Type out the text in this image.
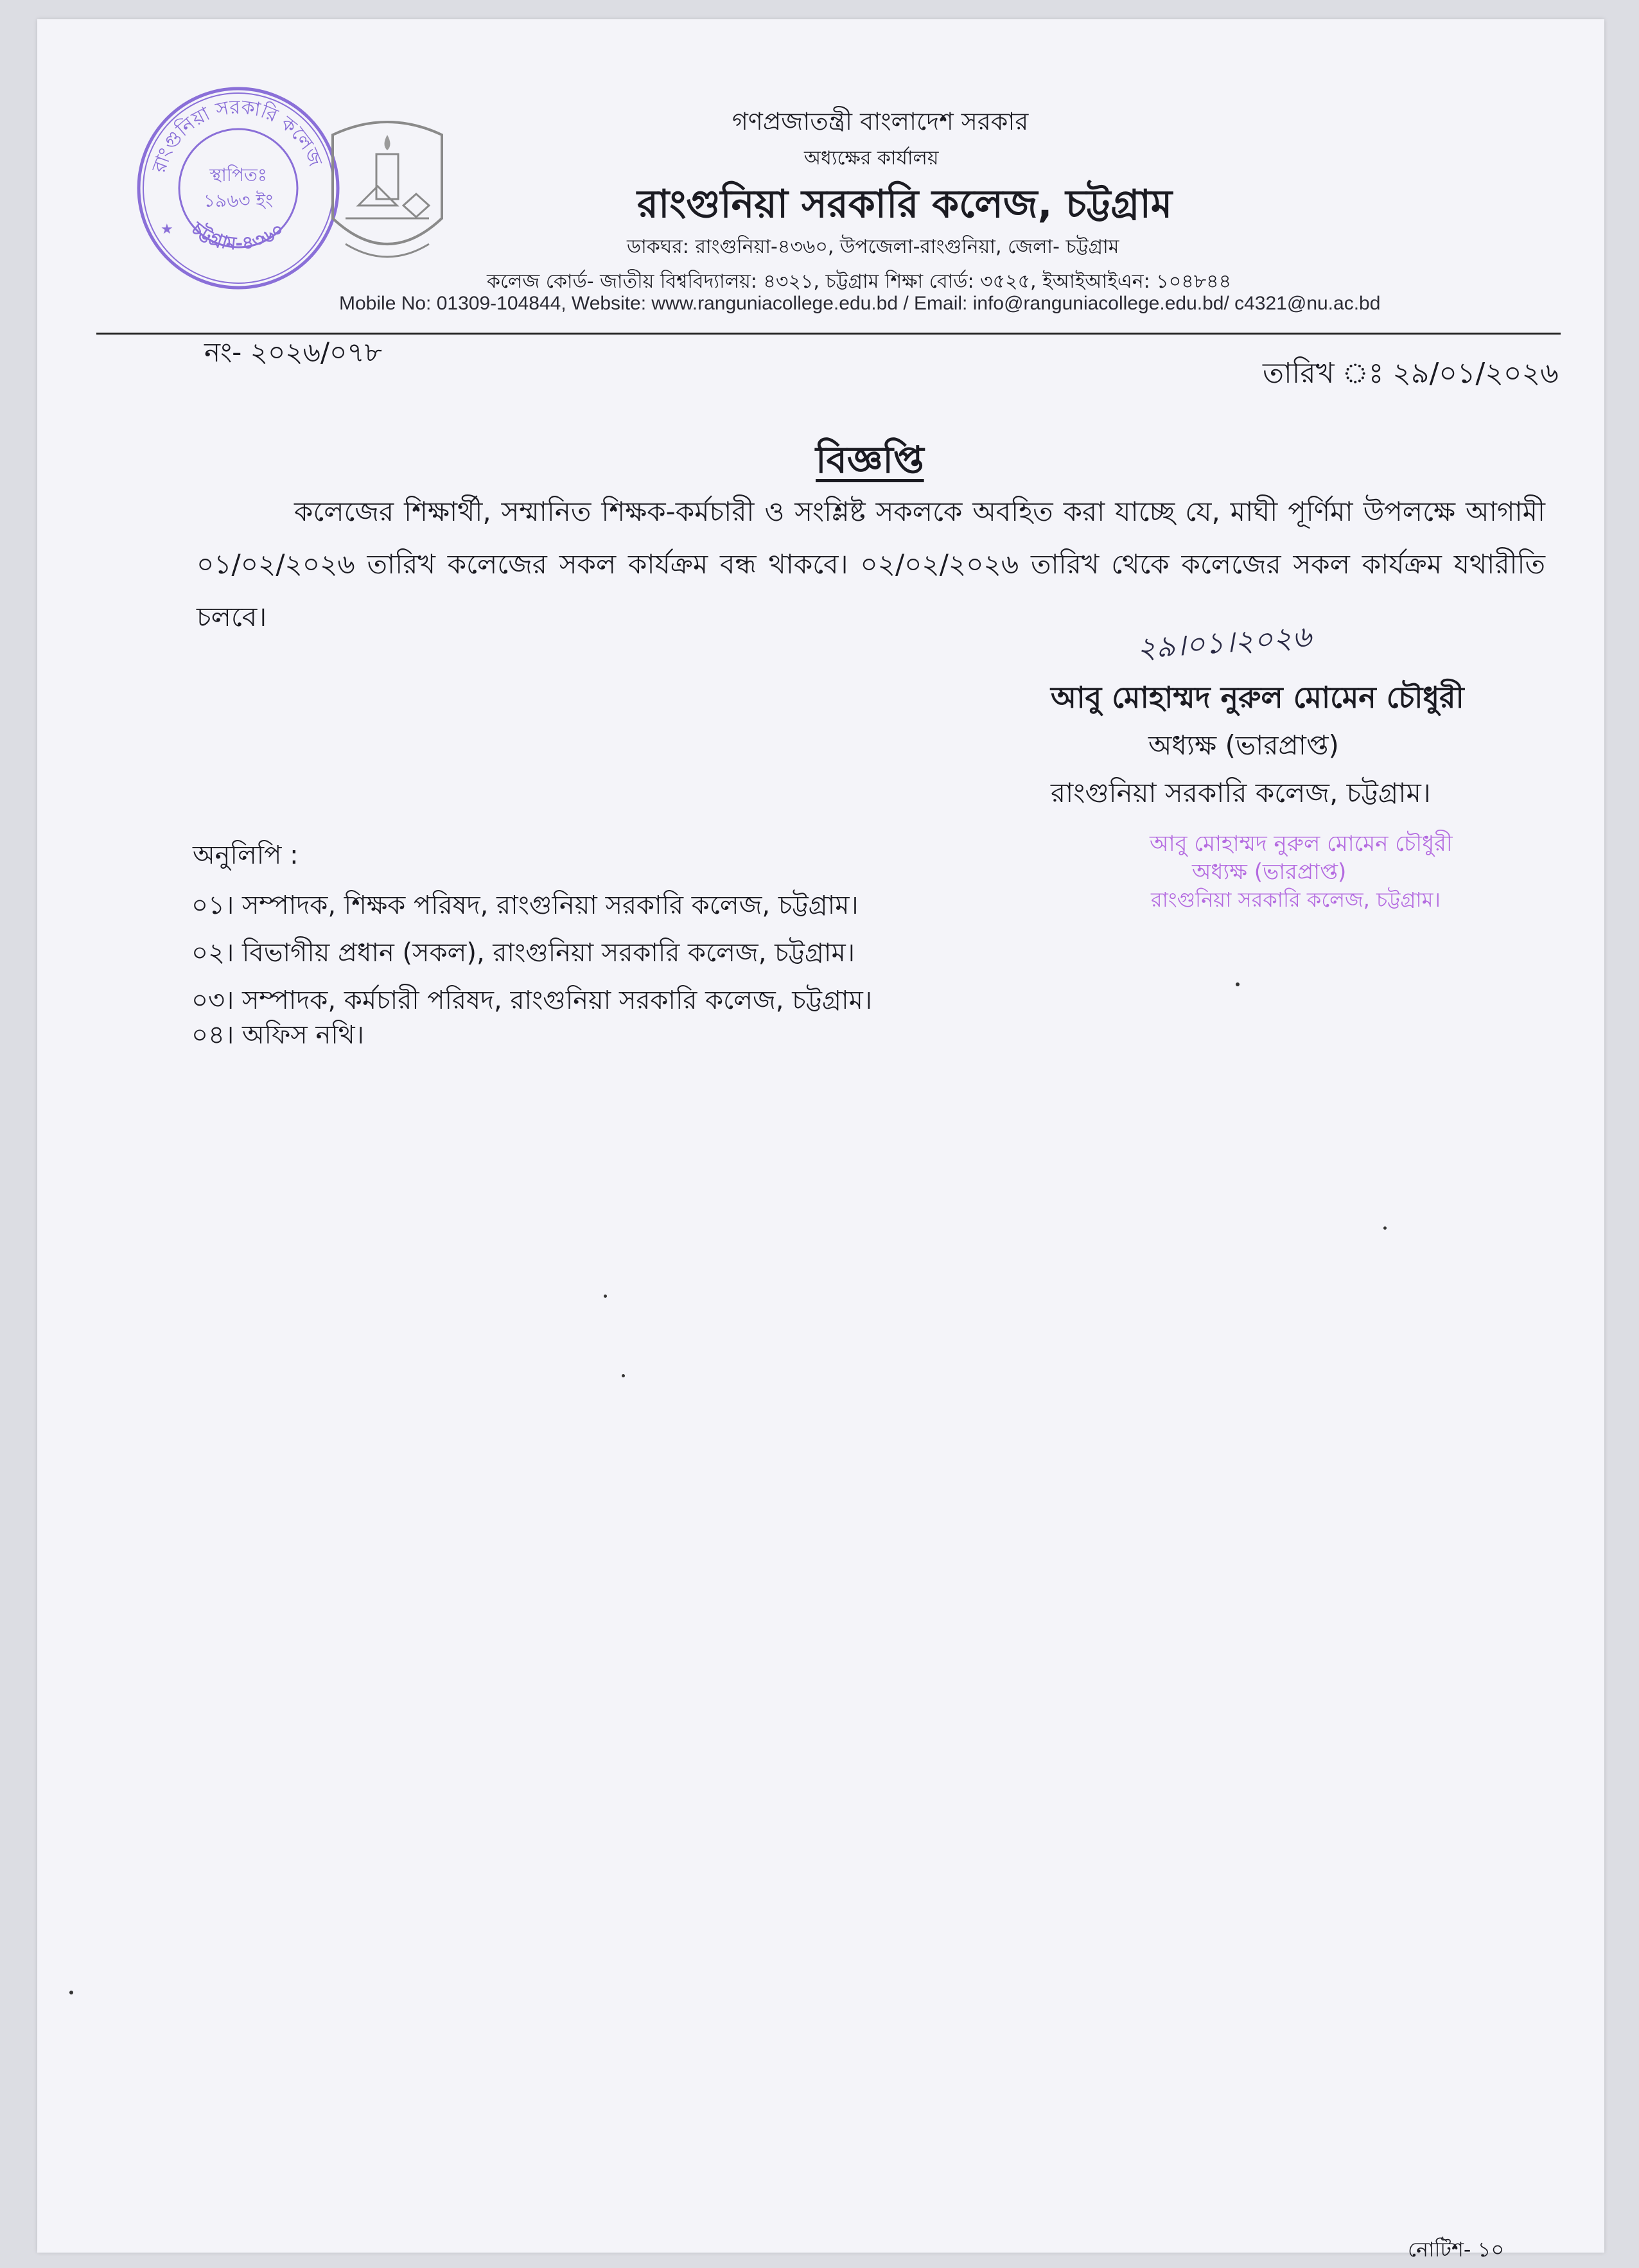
রাংগুনিয়া সরকারি কলেজ
চট্টগ্রাম-৪৩৬০
স্থাপিতঃ
১৯৬৩ ইং
★
গণপ্রজাতন্ত্রী বাংলাদেশ সরকার
অধ্যক্ষের কার্যালয়
রাংগুনিয়া সরকারি কলেজ, চট্টগ্রাম
ডাকঘর: রাংগুনিয়া-৪৩৬০, উপজেলা-রাংগুনিয়া, জেলা- চট্টগ্রাম
কলেজ কোর্ড- জাতীয় বিশ্ববিদ্যালয়: ৪৩২১, চট্টগ্রাম শিক্ষা বোর্ড: ৩৫২৫, ইআইআইএন: ১০৪৮৪৪
Mobile No: 01309-104844, Website: www.ranguniacollege.edu.bd / Email: info@ranguniacollege.edu.bd/ c4321@nu.ac.bd
নং- ২০২৬/০৭৮
তারিখ ঃ ২৯/০১/২০২৬
বিজ্ঞপ্তি
কলেজের শিক্ষার্থী, সম্মানিত শিক্ষক-কর্মচারী ও সংশ্লিষ্ট সকলকে অবহিত করা যাচ্ছে যে, মাঘী পূর্ণিমা উপলক্ষে আগামী ০১/০২/২০২৬ তারিখ কলেজের সকল কার্যক্রম বন্ধ থাকবে। ০২/০২/২০২৬ তারিখ থেকে কলেজের সকল কার্যক্রম যথারীতি চলবে।
২৯।০১।২০২৬
আবু মোহাম্মদ নুরুল মোমেন চৌধুরী
অধ্যক্ষ (ভারপ্রাপ্ত)
রাংগুনিয়া সরকারি কলেজ, চট্টগ্রাম।
আবু মোহাম্মদ নুরুল মোমেন চৌধুরী
অধ্যক্ষ (ভারপ্রাপ্ত)
রাংগুনিয়া সরকারি কলেজ, চট্টগ্রাম।
অনুলিপি :
০১। সম্পাদক, শিক্ষক পরিষদ, রাংগুনিয়া সরকারি কলেজ, চট্টগ্রাম।
০২। বিভাগীয় প্রধান (সকল), রাংগুনিয়া সরকারি কলেজ, চট্টগ্রাম।
০৩। সম্পাদক, কর্মচারী পরিষদ, রাংগুনিয়া সরকারি কলেজ, চট্টগ্রাম।
০৪। অফিস নথি।
নোটিশ- ১০
